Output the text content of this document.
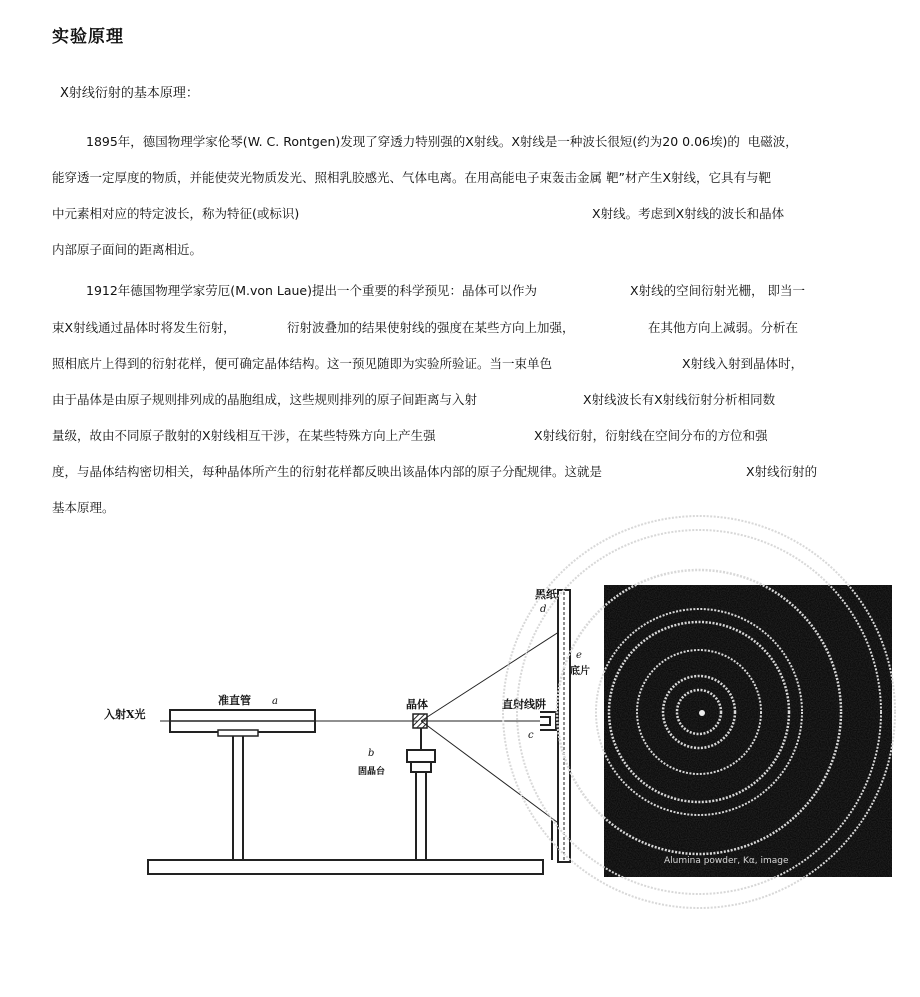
实验原理
X射线衍射的基本原理：
1895年，德国物理学家伦琴(W. C. Rontgen)发现了穿透力特别强的X射线。X射线是一种波长很短(约为20 0.06埃)的  电磁波，
能穿透一定厚度的物质，并能使荧光物质发光、照相乳胶感光、气体电离。在用高能电子束轰击金属 靶”材产生X射线，它具有与靶
中元素相对应的特定波长，称为特征(或标识)	X射线。考虑到X射线的波长和晶体
内部原子面间的距离相近。
1912年德国物理学家劳厄(M.von Laue)提出一个重要的科学预见：晶体可以作为	X射线的空间衍射光栅， 即当一
束X射线通过晶体时将发生衍射，	衍射波叠加的结果使射线的强度在某些方向上加强，	在其他方向上减弱。分析在
照相底片上得到的衍射花样，便可确定晶体结构。这一预见随即为实验所验证。当一束单色	X射线入射到晶体时，
由于晶体是由原子规则排列成的晶胞组成，这些规则排列的原子间距离与入射	X射线波长有X射线衍射分析相同数
量级，故由不同原子散射的X射线相互干涉，在某些特殊方向上产生强	X射线衍射，衍射线在空间分布的方位和强
度，与晶体结构密切相关，每种晶体所产生的衍射花样都反映出该晶体内部的原子分配规律。这就是	X射线衍射的
基本原理。
入射X光
准直管 a	晶体
b
固晶台
黑纸
d
e
底片
直射线阱
c
Alumina powder, Kα, image
